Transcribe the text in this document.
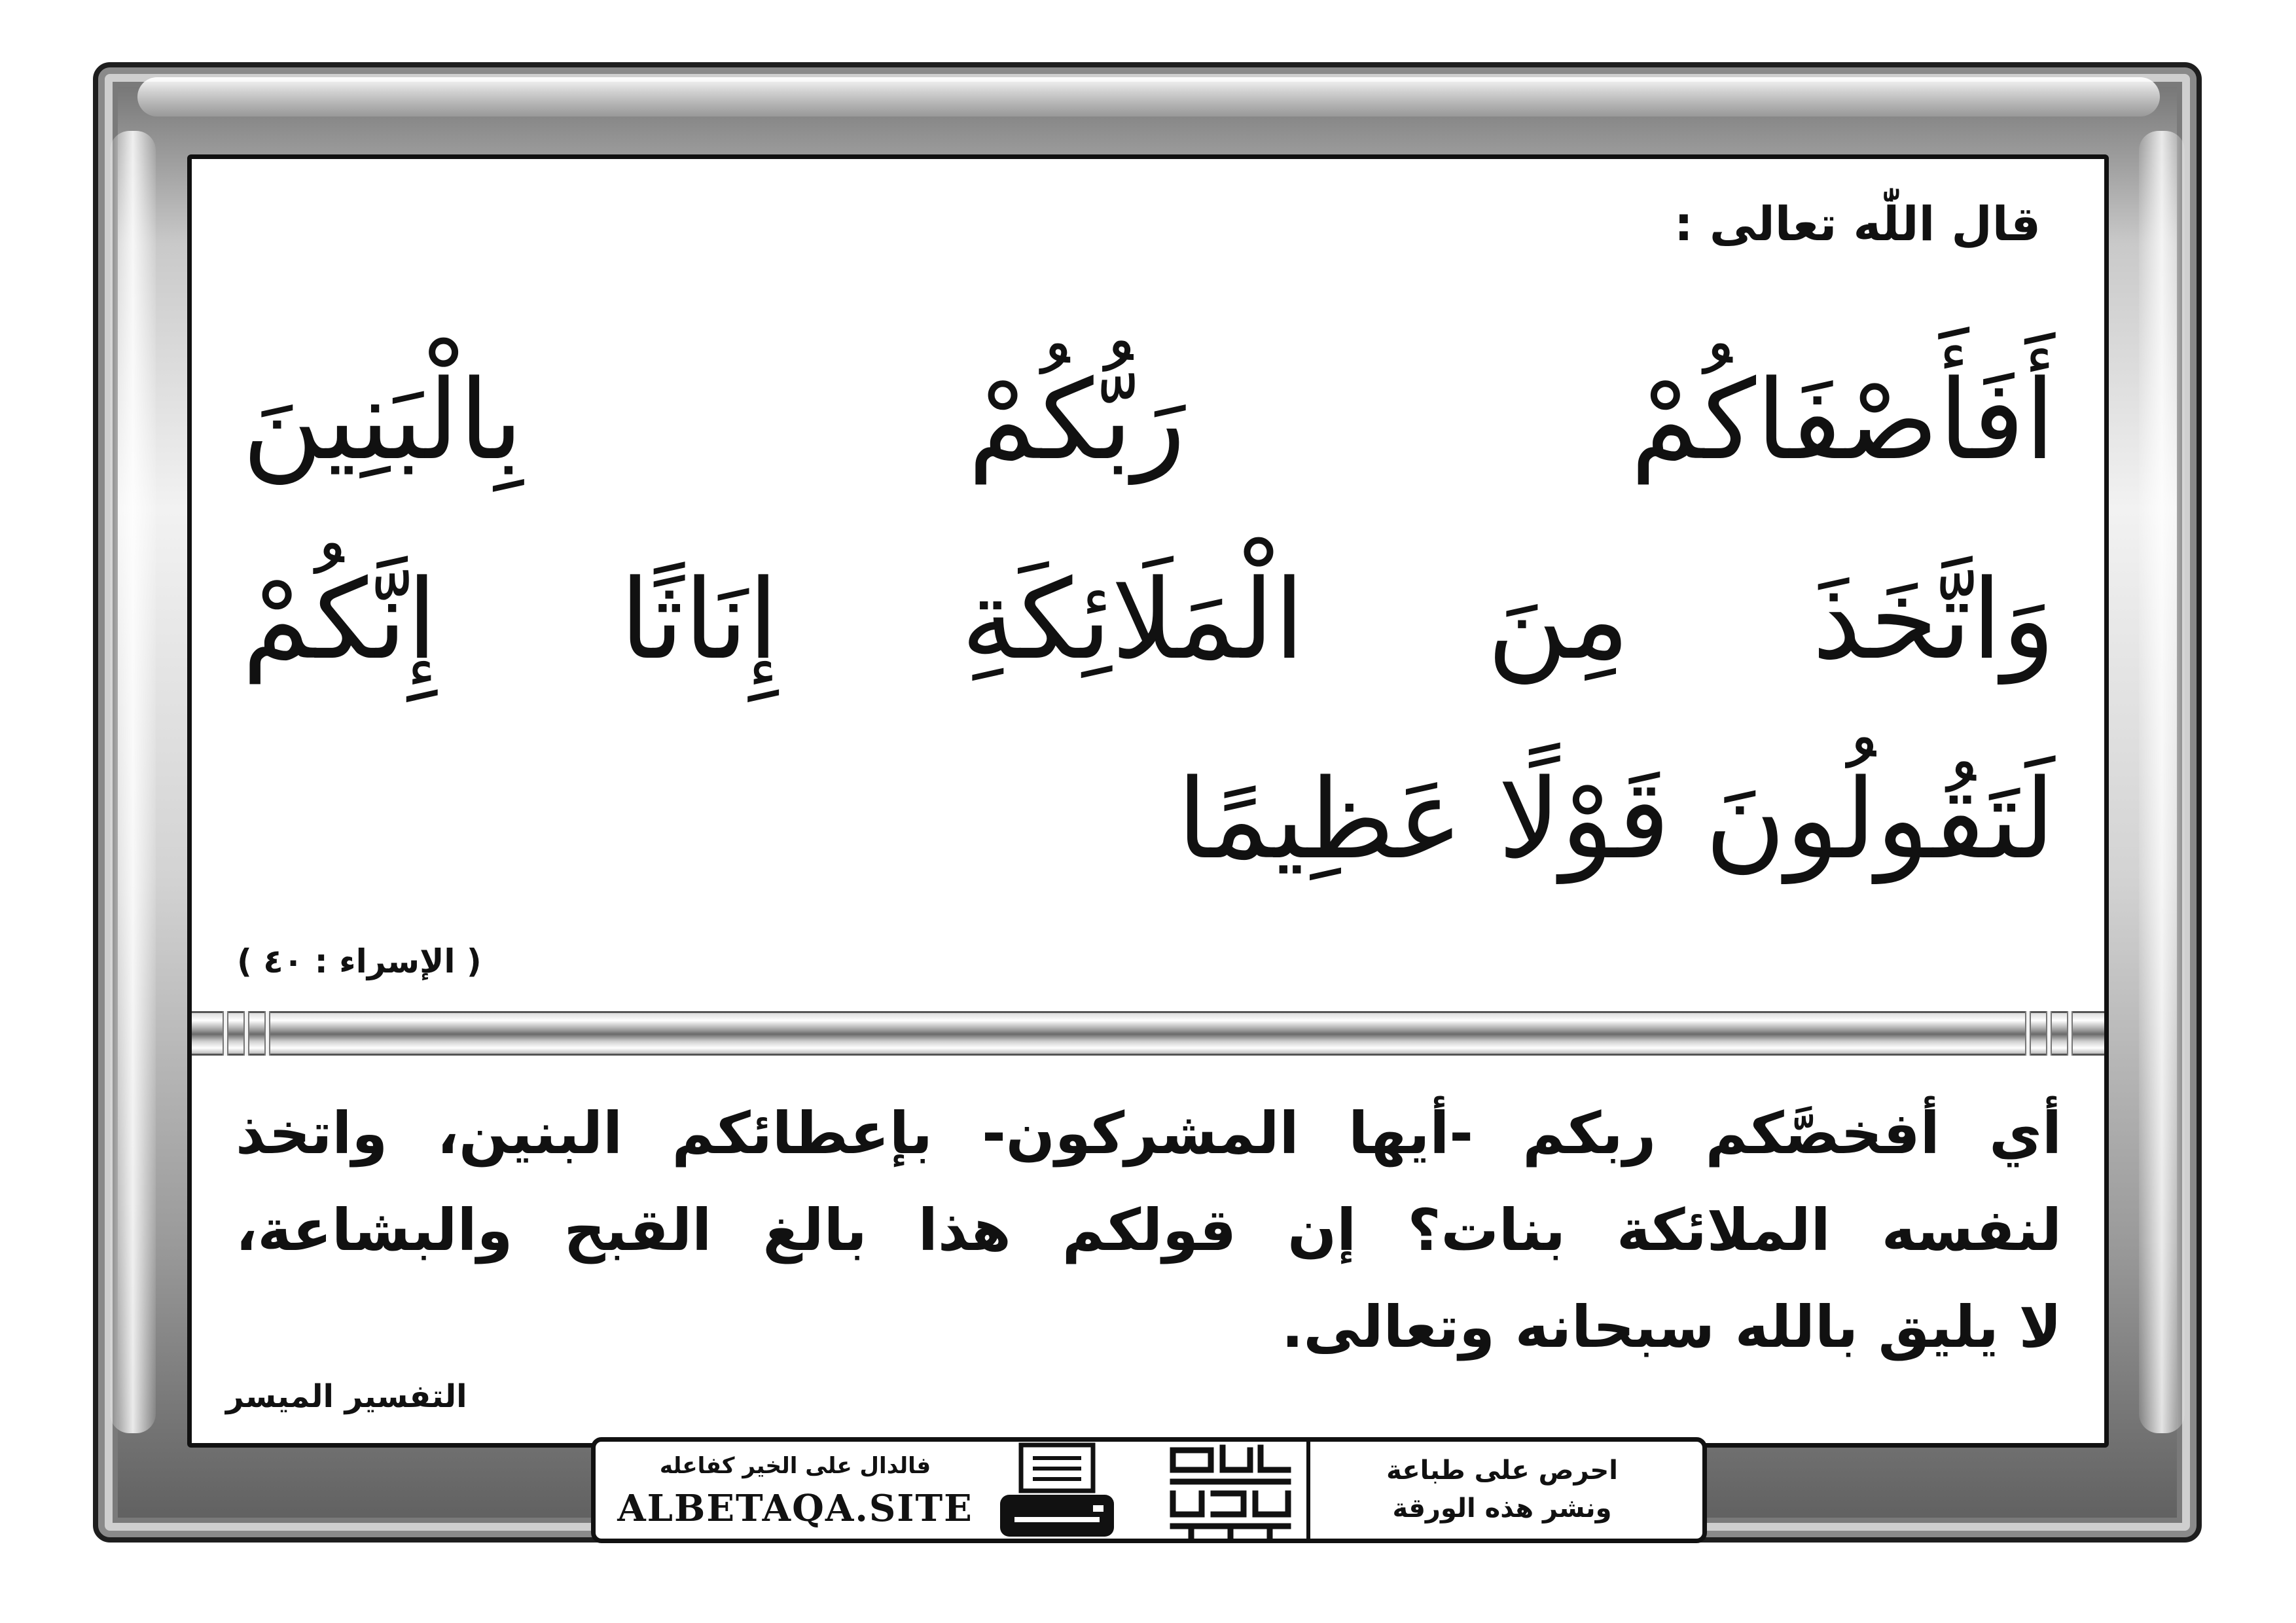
قال اللّٰه تعالى :
أَفَأَصْفَاكُمْ رَبُّكُمْ بِالْبَنِينَ
وَاتَّخَذَ مِنَ الْمَلَائِكَةِ إِنَاثًا إِنَّكُمْ
لَتَقُولُونَ قَوْلًا عَظِيمًا
( الإسراء : ٤٠ )
أي أفخصَّكم ربكم -أيها المشركون- بإعطائكم البنين، واتخذ
لنفسه الملائكة بنات؟ إن قولكم هذا بالغ القبح والبشاعة،
لا يليق بالله سبحانه وتعالى.
التفسير الميسر
احرص على طباعة
ونشر هذه الورقة
فالدال على الخير كفاعله
ALBETAQA.SITE
